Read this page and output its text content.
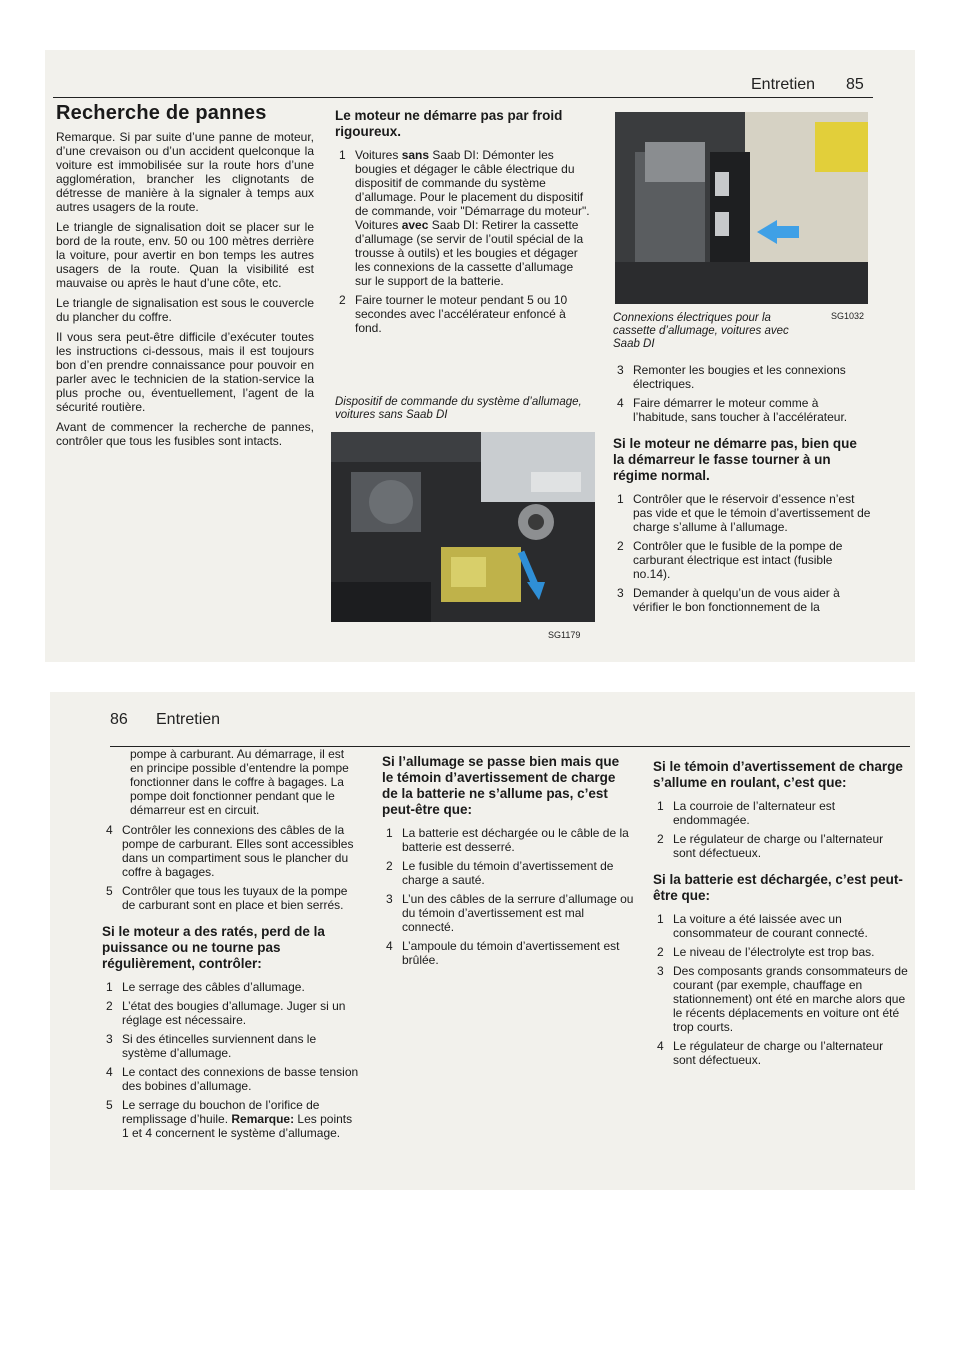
Entretien 85
Recherche de pannes

Remarque. Si par suite d’une panne de moteur, d’une crevaison ou d’un accident quelconque la voiture est immobilisée sur la route hors d’une agglomération, brancher les clignotants de détresse de manière à la signaler à temps aux autres usagers de la route.

Le triangle de signalisation doit se placer sur le bord de la route, env. 50 ou 100 mètres derrière la voiture, pour avertir en bon temps les autres usagers de la route. Quan la visibilité est mauvaise ou après le haut d’une côte, etc.

Le triangle de signalisation est sous le couvercle du plancher du coffre.

Il vous sera peut-être difficile d’exécuter toutes les instructions ci-dessous, mais il est toujours bon d’en prendre connaissance pour pouvoir en parler avec le technicien de la station-service la plus proche ou, éventuellement, l’agent de la sécurité routière.

Avant de commencer la recherche de pannes, contrôler que tous les fusibles sont intacts.

Le moteur ne démarre pas par froid rigoureux.
1 Voitures sans Saab DI: Démonter les bougies et dégager le câble électrique du dispositif de commande du système d’allumage. Pour le placement du dispositif de commande, voir "Démarrage du moteur".
Voitures avec Saab DI: Retirer la cassette d’allumage (se servir de l’outil spécial de la trousse à outils) et les bougies et dégager les connexions de la cassette d’allumage sur le support de la batterie.
2 Faire tourner le moteur pendant 5 ou 10 secondes avec l’accélérateur enfoncé à fond.

Dispositif de commande du système d’allumage, voitures sans Saab DI

SG1179

Connexions électriques pour la cassette d’allumage, voitures avec Saab DI

3 Remonter les bougies et les connexions électriques.
4 Faire démarrer le moteur comme à l’habitude, sans toucher à l’accélérateur.
Si le moteur ne démarre pas, bien que la démarreur le fasse tourner à un régime normal.
1 Contrôler que le réservoir d’essence n’est pas vide et que le témoin d’avertissement de charge s’allume à l’allumage.
2 Contrôler que le fusible de la pompe de carburant électrique est intact (fusible no.14).
3 Demander à quelqu’un de vous aider à vérifier le bon fonctionnement de la
SG1032
86 Entretien

pompe à carburant. Au démarrage, il est en principe possible d’entendre la pompe fonctionner dans le coffre à bagages. La pompe doit fonctionner pendant que le démarreur est en circuit.

4 Contrôler les connexions des câbles de la pompe de carburant. Elles sont accessibles dans un compartiment sous le plancher du coffre à bagages.
5 Contrôler que tous les tuyaux de la pompe de carburant sont en place et bien serrés.
Si le moteur a des ratés, perd de la puissance ou ne tourne pas régulièrement, contrôler:
1 Le serrage des câbles d’allumage.
2 L’état des bougies d’allumage. Juger si un réglage est nécessaire.
3 Si des étincelles surviennent dans le système d’allumage.
4 Le contact des connexions de basse tension des bobines d’allumage.
5 Le serrage du bouchon de l’orifice de remplissage d’huile. Remarque: Les points 1 et 4 concernent le système d’allumage.
Si l’allumage se passe bien mais que le témoin d’avertissement de charge de la batterie ne s’allume pas, c’est peut-être que:
1 La batterie est déchargée ou le câble de la batterie est desserré.
2 Le fusible du témoin d’avertissement de charge a sauté.
3 L’un des câbles de la serrure d’allumage ou du témoin d’avertissement est mal connecté.
4 L’ampoule du témoin d’avertissement est brûlée.
Si le témoin d’avertissement de charge s’allume en roulant, c’est que:
1 La courroie de l’alternateur est endommagée.
2 Le régulateur de charge ou l’alternateur sont défectueux.
Si la batterie est déchargée, c’est peut-être que:
1 La voiture a été laissée avec un consommateur de courant connecté.
2 Le niveau de l’électrolyte est trop bas.
3 Des composants grands consommateurs de courant (par exemple, chauffage en stationnement) ont été en marche alors que le récents déplacements en voiture ont été trop courts.
4 Le régulateur de charge ou l’alternateur sont défectueux.
